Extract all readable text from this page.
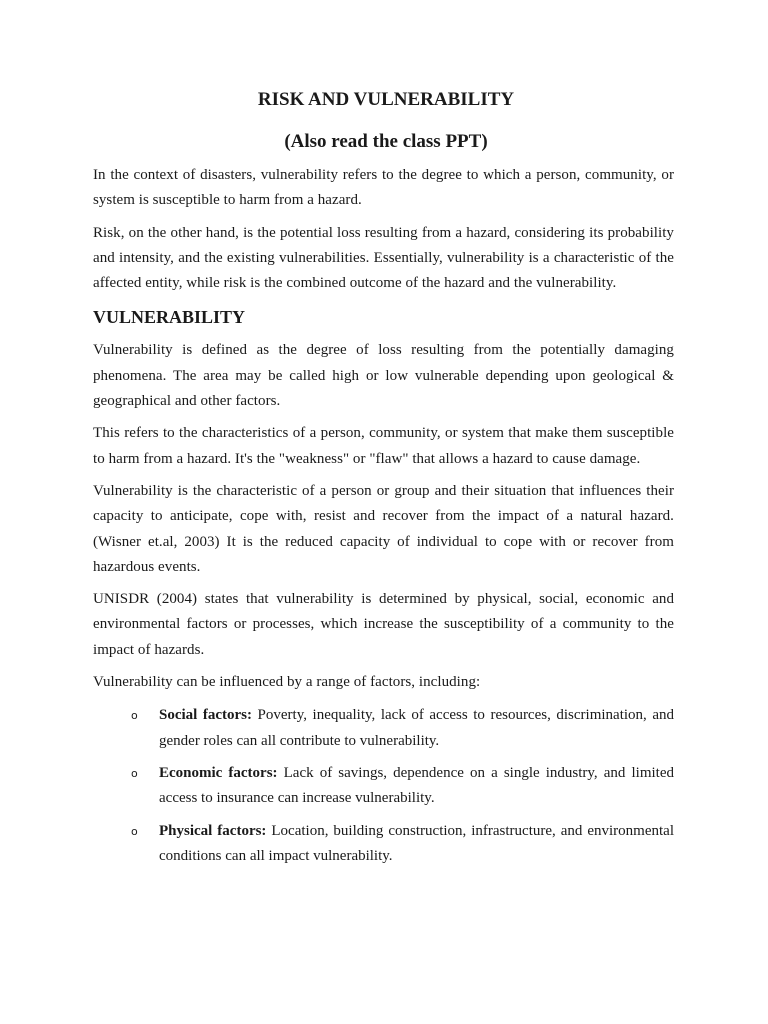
RISK AND VULNERABILITY
(Also read the class PPT)

In the context of disasters, vulnerability refers to the degree to which a person, community, or system is susceptible to harm from a hazard.

Risk, on the other hand, is the potential loss resulting from a hazard, considering its probability and intensity, and the existing vulnerabilities. Essentially, vulnerability is a characteristic of the affected entity, while risk is the combined outcome of the hazard and the vulnerability.

VULNERABILITY

Vulnerability is defined as the degree of loss resulting from the potentially damaging phenomena. The area may be called high or low vulnerable depending upon geological & geographical and other factors.

This refers to the characteristics of a person, community, or system that make them susceptible to harm from a hazard. It's the "weakness" or "flaw" that allows a hazard to cause damage.

Vulnerability is the characteristic of a person or group and their situation that influences their capacity to anticipate, cope with, resist and recover from the impact of a natural hazard. (Wisner et.al, 2003) It is the reduced capacity of individual to cope with or recover from hazardous events.

UNISDR (2004) states that vulnerability is determined by physical, social, economic and environmental factors or processes, which increase the susceptibility of a community to the impact of hazards.

Vulnerability can be influenced by a range of factors, including:

o Social factors: Poverty, inequality, lack of access to resources, discrimination, and gender roles can all contribute to vulnerability.
o Economic factors: Lack of savings, dependence on a single industry, and limited access to insurance can increase vulnerability.
o Physical factors: Location, building construction, infrastructure, and environmental conditions can all impact vulnerability.
